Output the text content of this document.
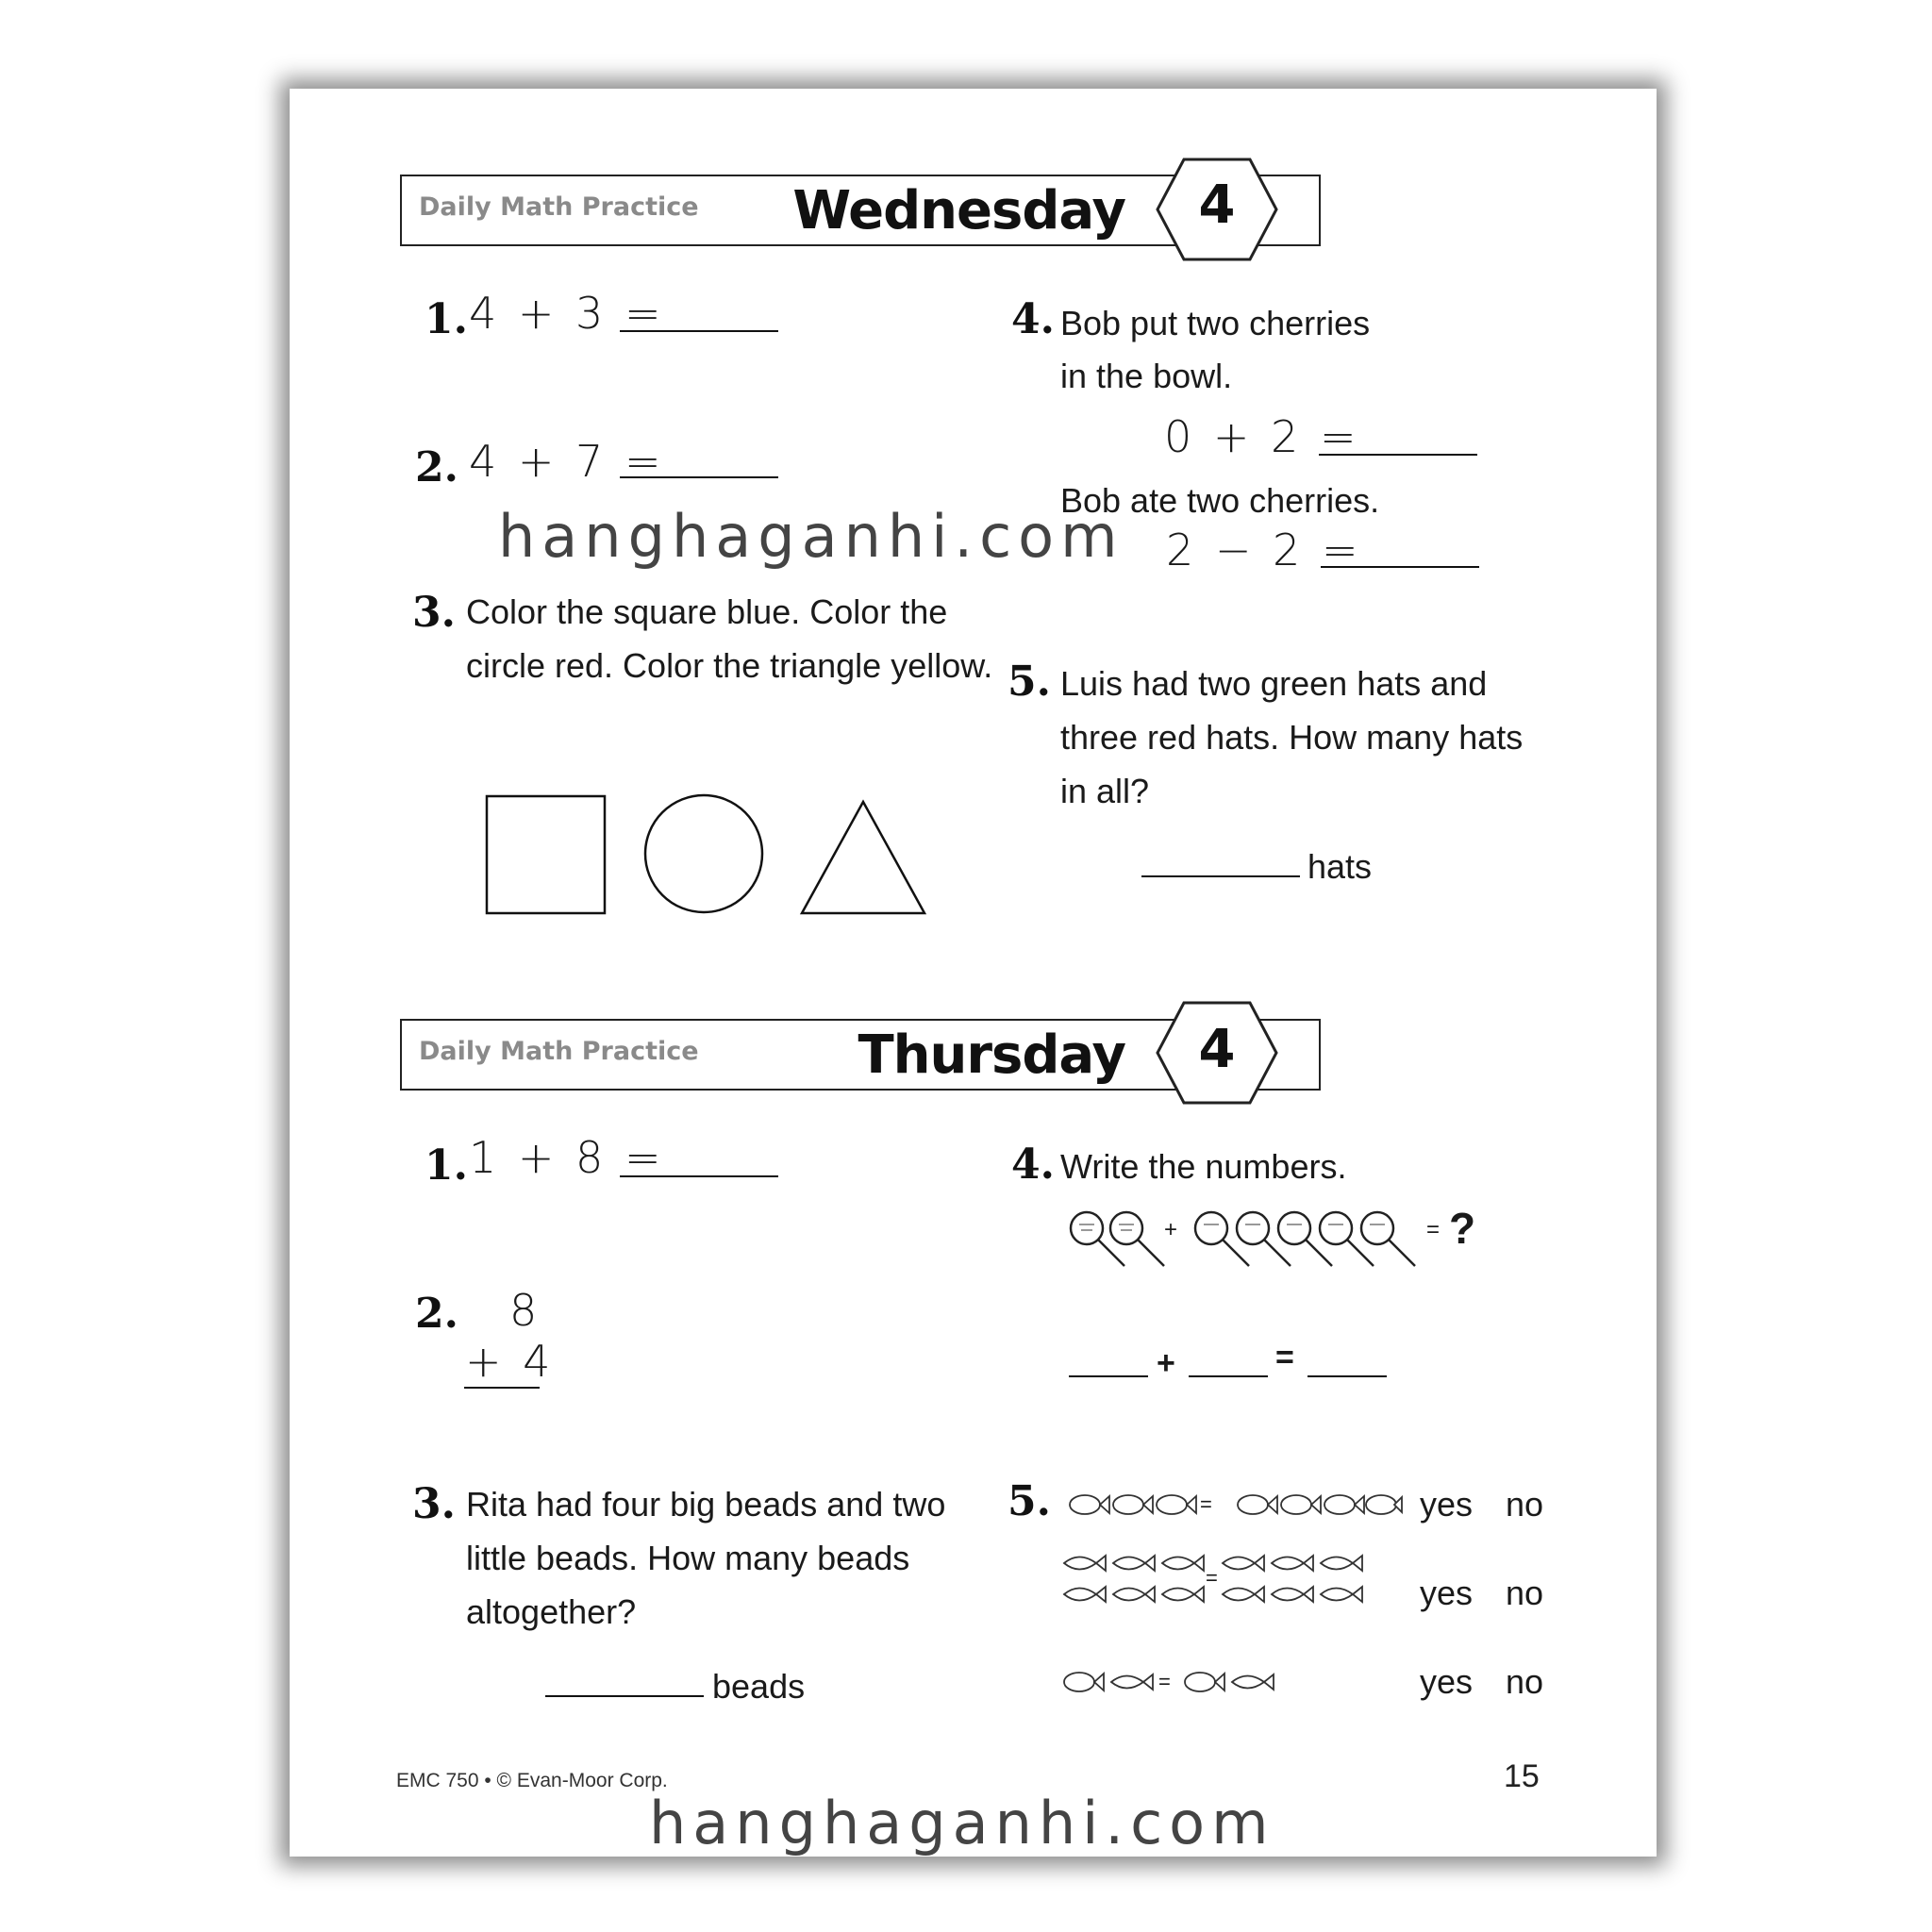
Daily Math Practice Wednesday	4
1. 4 + 3 =
2. 4 + 7 =
3. Color the square blue. Color the
circle red. Color the triangle yellow.
4. Bob put two cherries
in the bowl.
0 + 2 =
Bob ate two cherries.
2 − 2 =
5. Luis had two green hats and
three red hats. How many hats
in all?
hats
Daily Math Practice	Thursday	4
1. 1 + 8 =
2. 8
+ 4
3. Rita had four big beads and two
little beads. How many beads
altogether?
beads
4. Write the numbers.
+	= ?
+	=
5.	=	yes no
=	yes no
=	yes no
EMC 750 • © Evan-Moor Corp.	15
hanghaganhi.com
hanghaganhi.com
